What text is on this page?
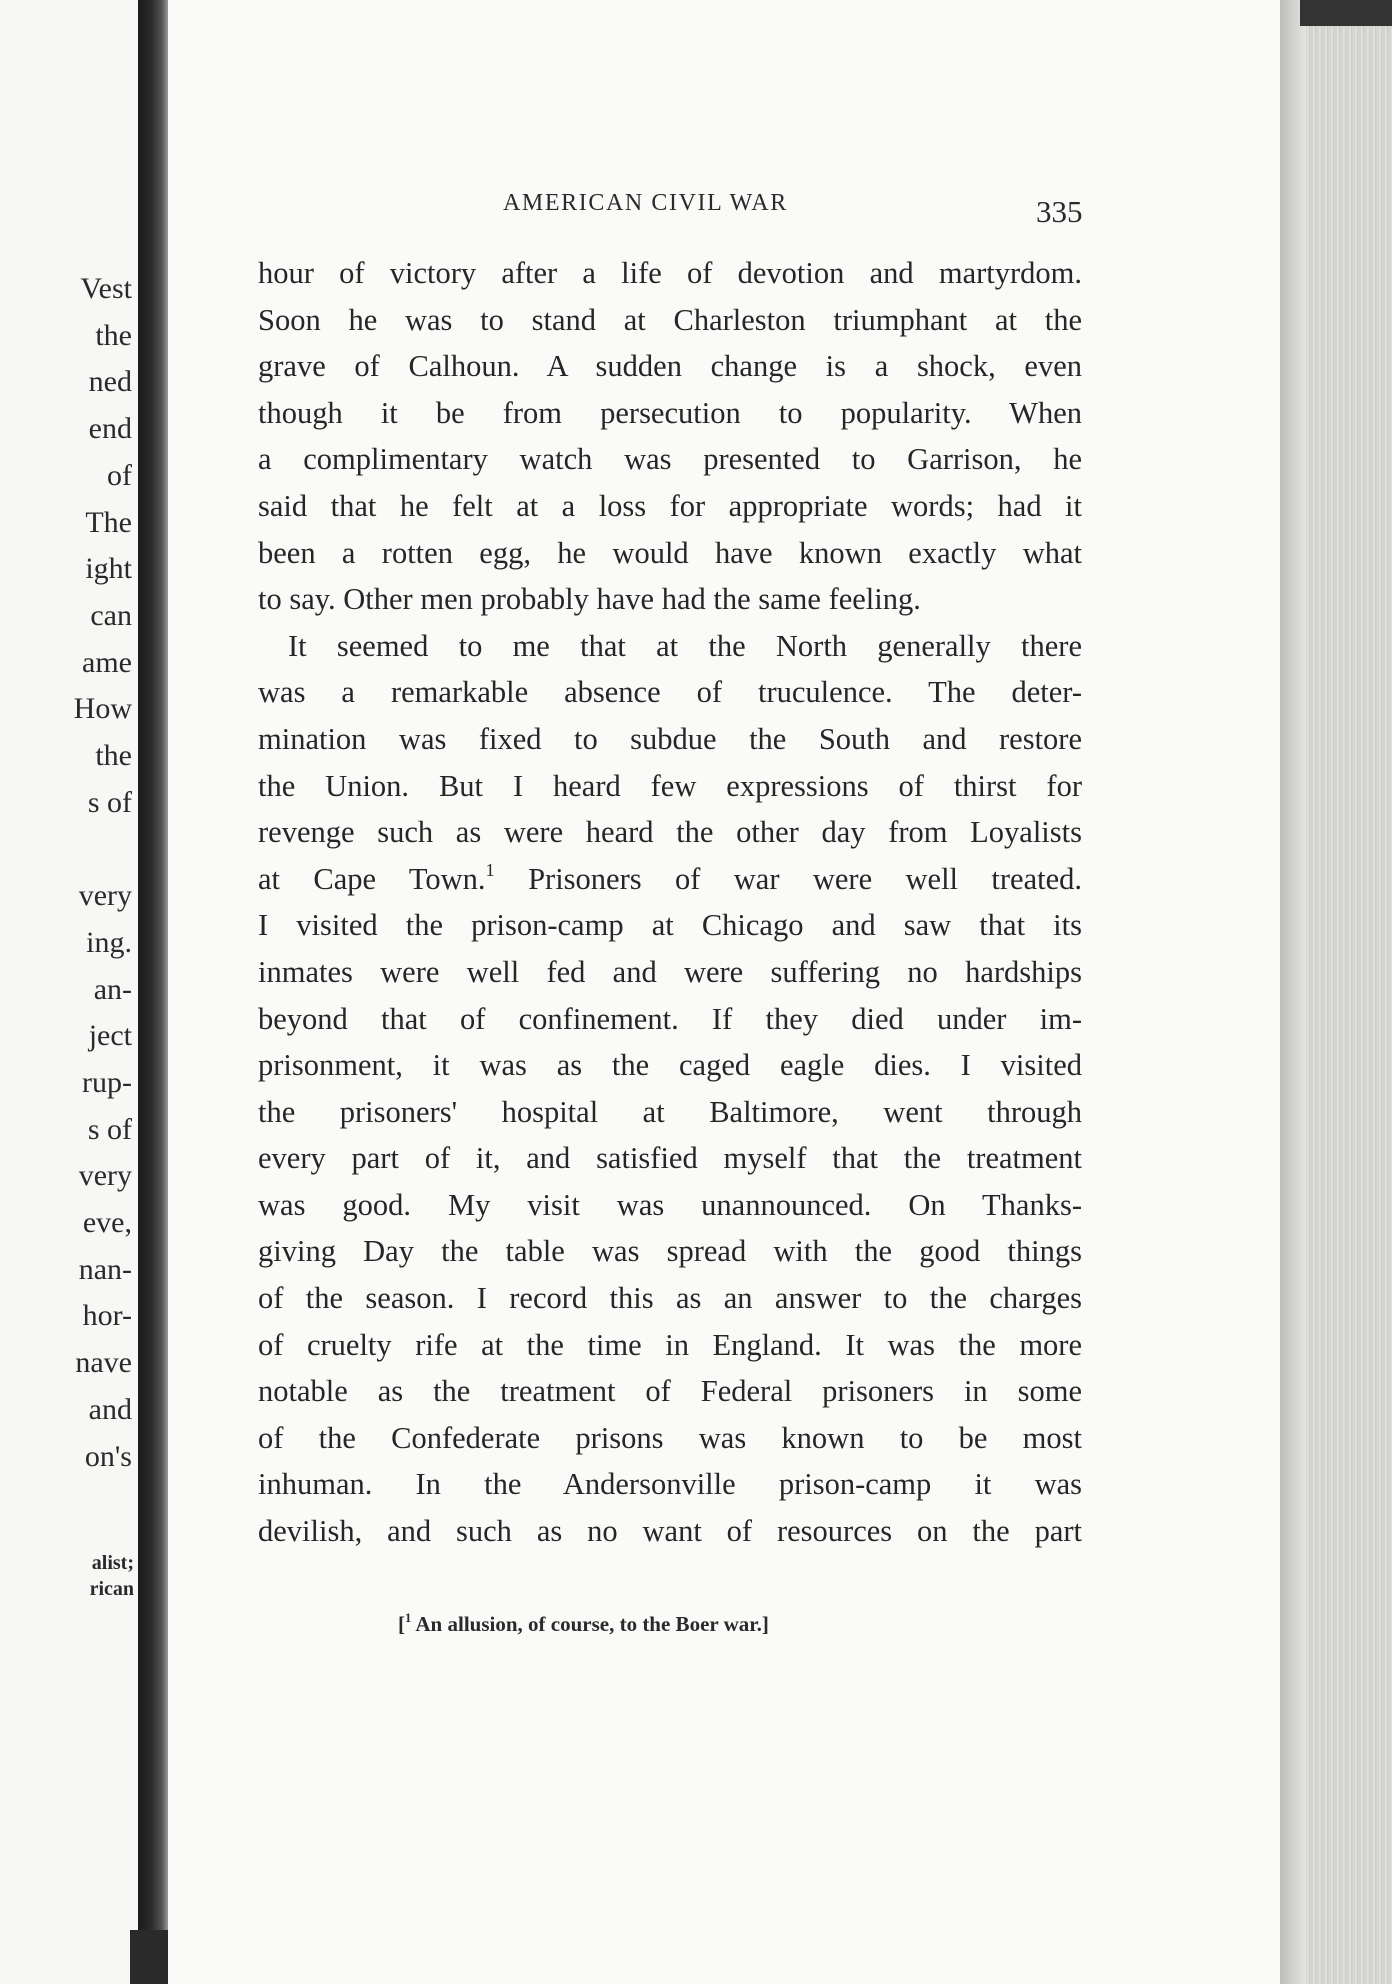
Vest
the
ned
end
of
The
ight
can
ame
How
the
s of
very
ing.
an-
ject
rup-
s of
very
eve,
nan-
hor-
nave
and
on's
alist;
rican
AMERICAN CIVIL WAR	335
hour of victory after a life of devotion and martyrdom.
Soon he was to stand at Charleston triumphant at the
grave of Calhoun. A sudden change is a shock, even
though it be from persecution to popularity. When
a complimentary watch was presented to Garrison, he
said that he felt at a loss for appropriate words; had it
been a rotten egg, he would have known exactly what
to say. Other men probably have had the same feeling.
It seemed to me that at the North generally there
was a remarkable absence of truculence. The deter-
mination was fixed to subdue the South and restore
the Union. But I heard few expressions of thirst for
revenge such as were heard the other day from Loyalists
at Cape Town.$^1$ Prisoners of war were well treated.
I visited the prison-camp at Chicago and saw that its
inmates were well fed and were suffering no hardships
beyond that of confinement. If they died under im-
prisonment, it was as the caged eagle dies. I visited
the prisoners' hospital at Baltimore, went through
every part of it, and satisfied myself that the treatment
was good. My visit was unannounced. On Thanks-
giving Day the table was spread with the good things
of the season. I record this as an answer to the charges
of cruelty rife at the time in England. It was the more
notable as the treatment of Federal prisoners in some
of the Confederate prisons was known to be most
inhuman. In the Andersonville prison-camp it was
devilish, and such as no want of resources on the part
[$^1$ An allusion, of course, to the Boer war.]
